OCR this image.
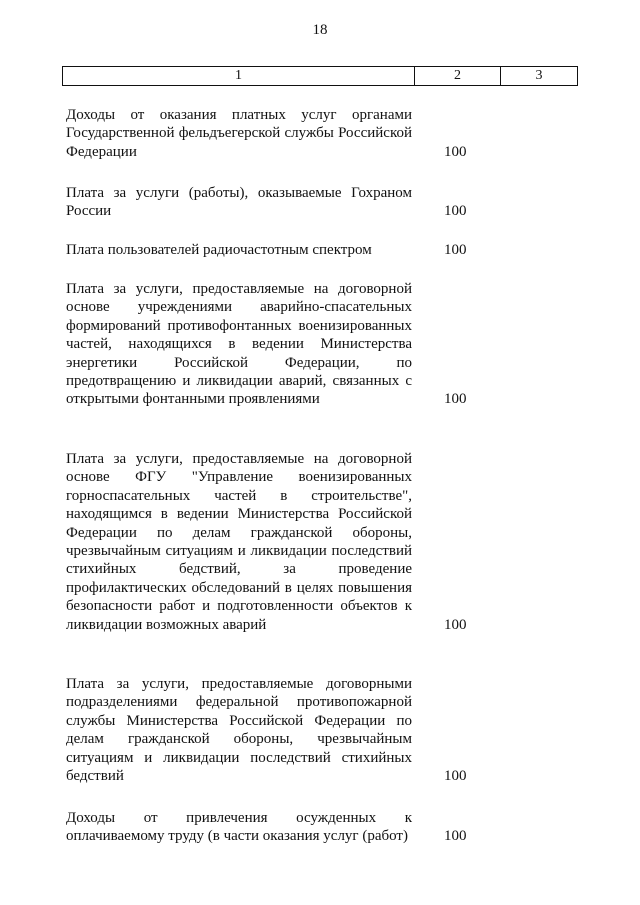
18
1	2	3
Доходы от оказания платных услуг органами Государственной фельдъегерской службы Российской Федерации	100
Плата за услуги (работы), оказываемые Гохраном России	100
Плата пользователей радиочастотным спектром	100
Плата за услуги, предоставляемые на договорной основе учреждениями аварийно-спасательных формирований противофонтанных военизированных частей, находящихся в ведении Министерства энергетики Российской Федерации, по предотвращению и ликвидации аварий, связанных с открытыми фонтанными проявлениями	100
Плата за услуги, предоставляемые на договорной основе ФГУ "Управление военизированных горноспасательных частей в строительстве", находящимся в ведении Министерства Российской Федерации по делам гражданской обороны, чрезвычайным ситуациям и ликвидации последствий стихийных бедствий, за проведение профилактических обследований в целях повышения безопасности работ и подготовленности объектов к ликвидации возможных аварий	100
Плата за услуги, предоставляемые договорными подразделениями федеральной противопожарной службы Министерства Российской Федерации по делам гражданской обороны, чрезвычайным ситуациям и ликвидации последствий стихийных бедствий	100
Доходы от привлечения осужденных к оплачиваемому труду (в части оказания услуг (работ) 100
